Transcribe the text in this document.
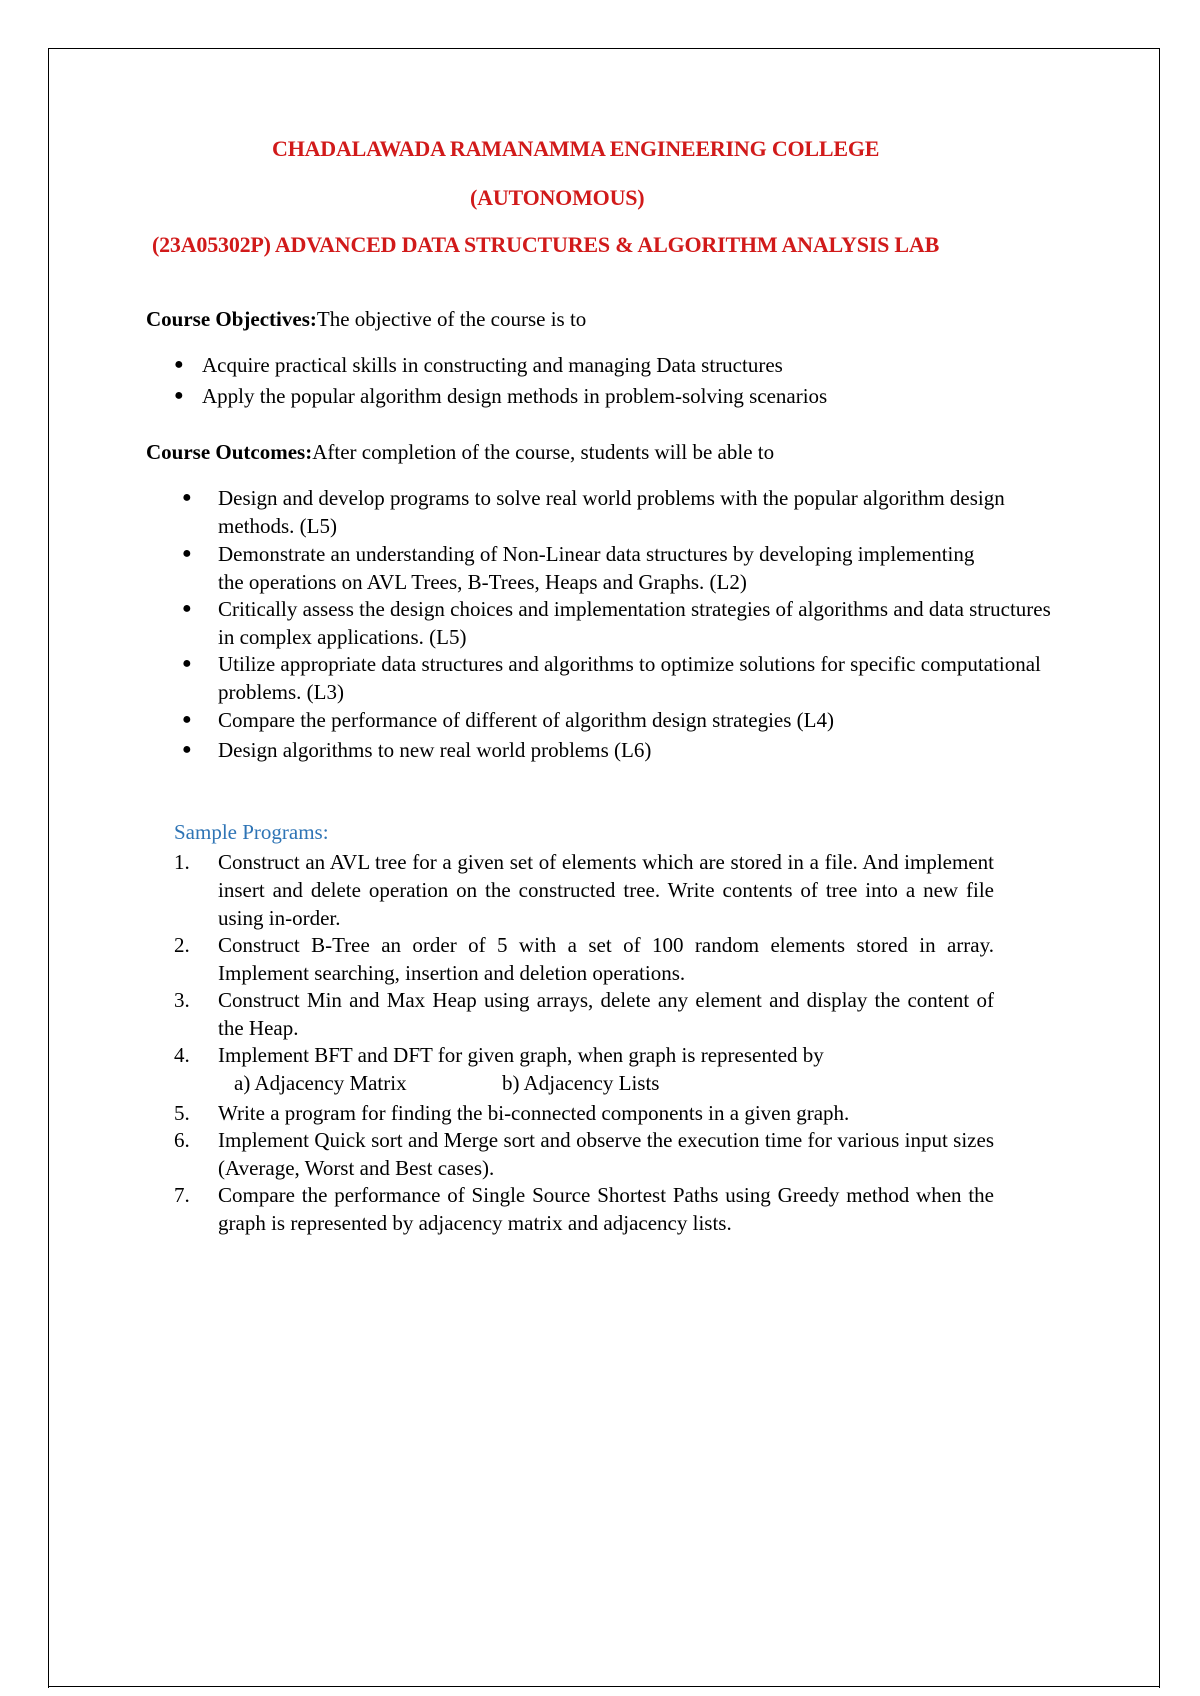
CHADALAWADA RAMANAMMA ENGINEERING COLLEGE
(AUTONOMOUS)
(23A05302P) ADVANCED DATA STRUCTURES & ALGORITHM ANALYSIS LAB
Course Objectives:The objective of the course is to
● Acquire practical skills in constructing and managing Data structures
● Apply the popular algorithm design methods in problem-solving scenarios
Course Outcomes:After completion of the course, students will be able to
● Design and develop programs to solve real world problems with the popular algorithm design methods. (L5)
● Demonstrate an understanding of Non-Linear data structures by developing implementing the operations on AVL Trees, B-Trees, Heaps and Graphs. (L2)
● Critically assess the design choices and implementation strategies of algorithms and data structures in complex applications. (L5)
● Utilize appropriate data structures and algorithms to optimize solutions for specific computational problems. (L3)
● Compare the performance of different of algorithm design strategies (L4)
● Design algorithms to new real world problems (L6)
Sample Programs:
1. Construct an AVL tree for a given set of elements which are stored in a file. And implement insert and delete operation on the constructed tree. Write contents of tree into a new file using in-order.
2. Construct B-Tree an order of 5 with a set of 100 random elements stored in array. Implement searching, insertion and deletion operations.
3. Construct Min and Max Heap using arrays, delete any element and display the content of the Heap.
4. Implement BFT and DFT for given graph, when graph is represented by
a) Adjacency Matrix	b) Adjacency Lists
5. Write a program for finding the bi-connected components in a given graph.
6. Implement Quick sort and Merge sort and observe the execution time for various input sizes (Average, Worst and Best cases).
7. Compare the performance of Single Source Shortest Paths using Greedy method when the graph is represented by adjacency matrix and adjacency lists.
